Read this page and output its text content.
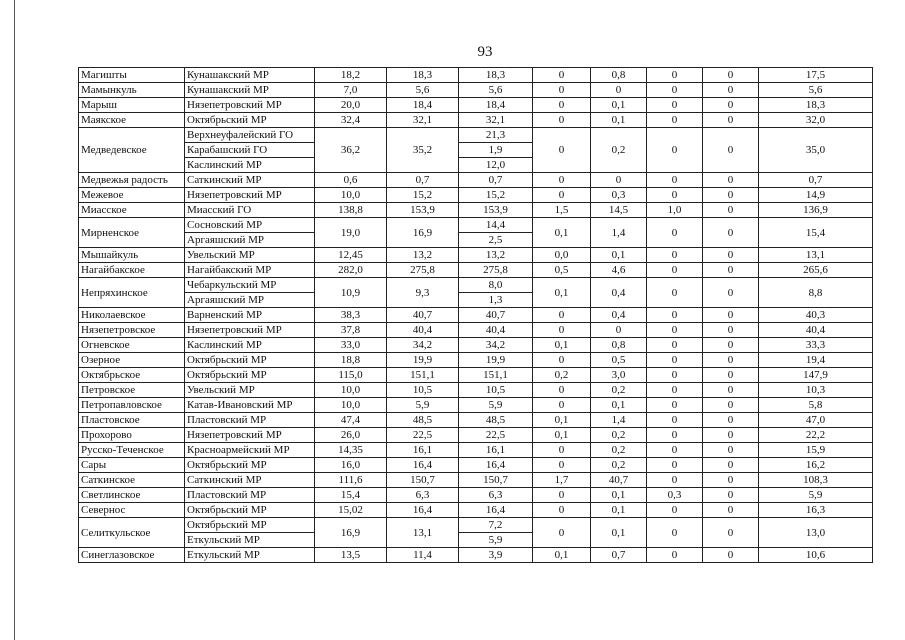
93
Магишты	Кунашакский МР	18,2	18,3	18,3	0	0,8	0	0	17,5
Мамынкуль	Кунашакский МР	7,0	5,6	5,6	0	0	0	0	5,6
Марыш	Нязепетровский МР	20,0	18,4	18,4	0	0,1	0	0	18,3
Маякское	Октябрьский МР	32,4	32,1	32,1	0	0,1	0	0	32,0
Медведевское	Верхнеуфалейский ГО	36,2	35,2	21,3	0	0,2	0	0	35,0
	Карабашский ГО			1,9					
	Каслинский МР			12,0					
Медвежья радость	Саткинский МР	0,6	0,7	0,7	0	0	0	0	0,7
Межевое	Нязепетровский МР	10,0	15,2	15,2	0	0,3	0	0	14,9
Миасское	Миасский ГО	138,8	153,9	153,9	1,5	14,5	1,0	0	136,9
Мирненское	Сосновский МР	19,0	16,9	14,4	0,1	1,4	0	0	15,4
	Аргаяшский МР			2,5					
Мышайкуль	Увельский МР	12,45	13,2	13,2	0,0	0,1	0	0	13,1
Нагайбакское	Нагайбакский МР	282,0	275,8	275,8	0,5	4,6	0	0	265,6
Непряхинское	Чебаркульский МР	10,9	9,3	8,0	0,1	0,4	0	0	8,8
	Аргаяшский МР			1,3					
Николаевское	Варненский МР	38,3	40,7	40,7	0	0,4	0	0	40,3
Нязепетровское	Нязепетровский МР	37,8	40,4	40,4	0	0	0	0	40,4
Огневское	Каслинский МР	33,0	34,2	34,2	0,1	0,8	0	0	33,3
Озерное	Октябрьский МР	18,8	19,9	19,9	0	0,5	0	0	19,4
Октябрьское	Октябрьский МР	115,0	151,1	151,1	0,2	3,0	0	0	147,9
Петровское	Увельский МР	10,0	10,5	10,5	0	0,2	0	0	10,3
Петропавловское	Катав-Ивановский МР	10,0	5,9	5,9	0	0,1	0	0	5,8
Пластовское	Пластовский МР	47,4	48,5	48,5	0,1	1,4	0	0	47,0
Прохорово	Нязепетровский МР	26,0	22,5	22,5	0,1	0,2	0	0	22,2
Русско-Теченское	Красноармейский МР	14,35	16,1	16,1	0	0,2	0	0	15,9
Сары	Октябрьский МР	16,0	16,4	16,4	0	0,2	0	0	16,2
Саткинское	Саткинский МР	111,6	150,7	150,7	1,7	40,7	0	0	108,3
Светлинское	Пластовский МР	15,4	6,3	6,3	0	0,1	0,3	0	5,9
Севернос	Октябрьский МР	15,02	16,4	16,4	0	0,1	0	0	16,3
Селиткульское	Октябрьский МР	16,9	13,1	7,2	0	0,1	0	0	13,0
	Еткульский МР			5,9					
Синеглазовское	Еткульский МР	13,5	11,4	3,9	0,1	0,7	0	0	10,6
